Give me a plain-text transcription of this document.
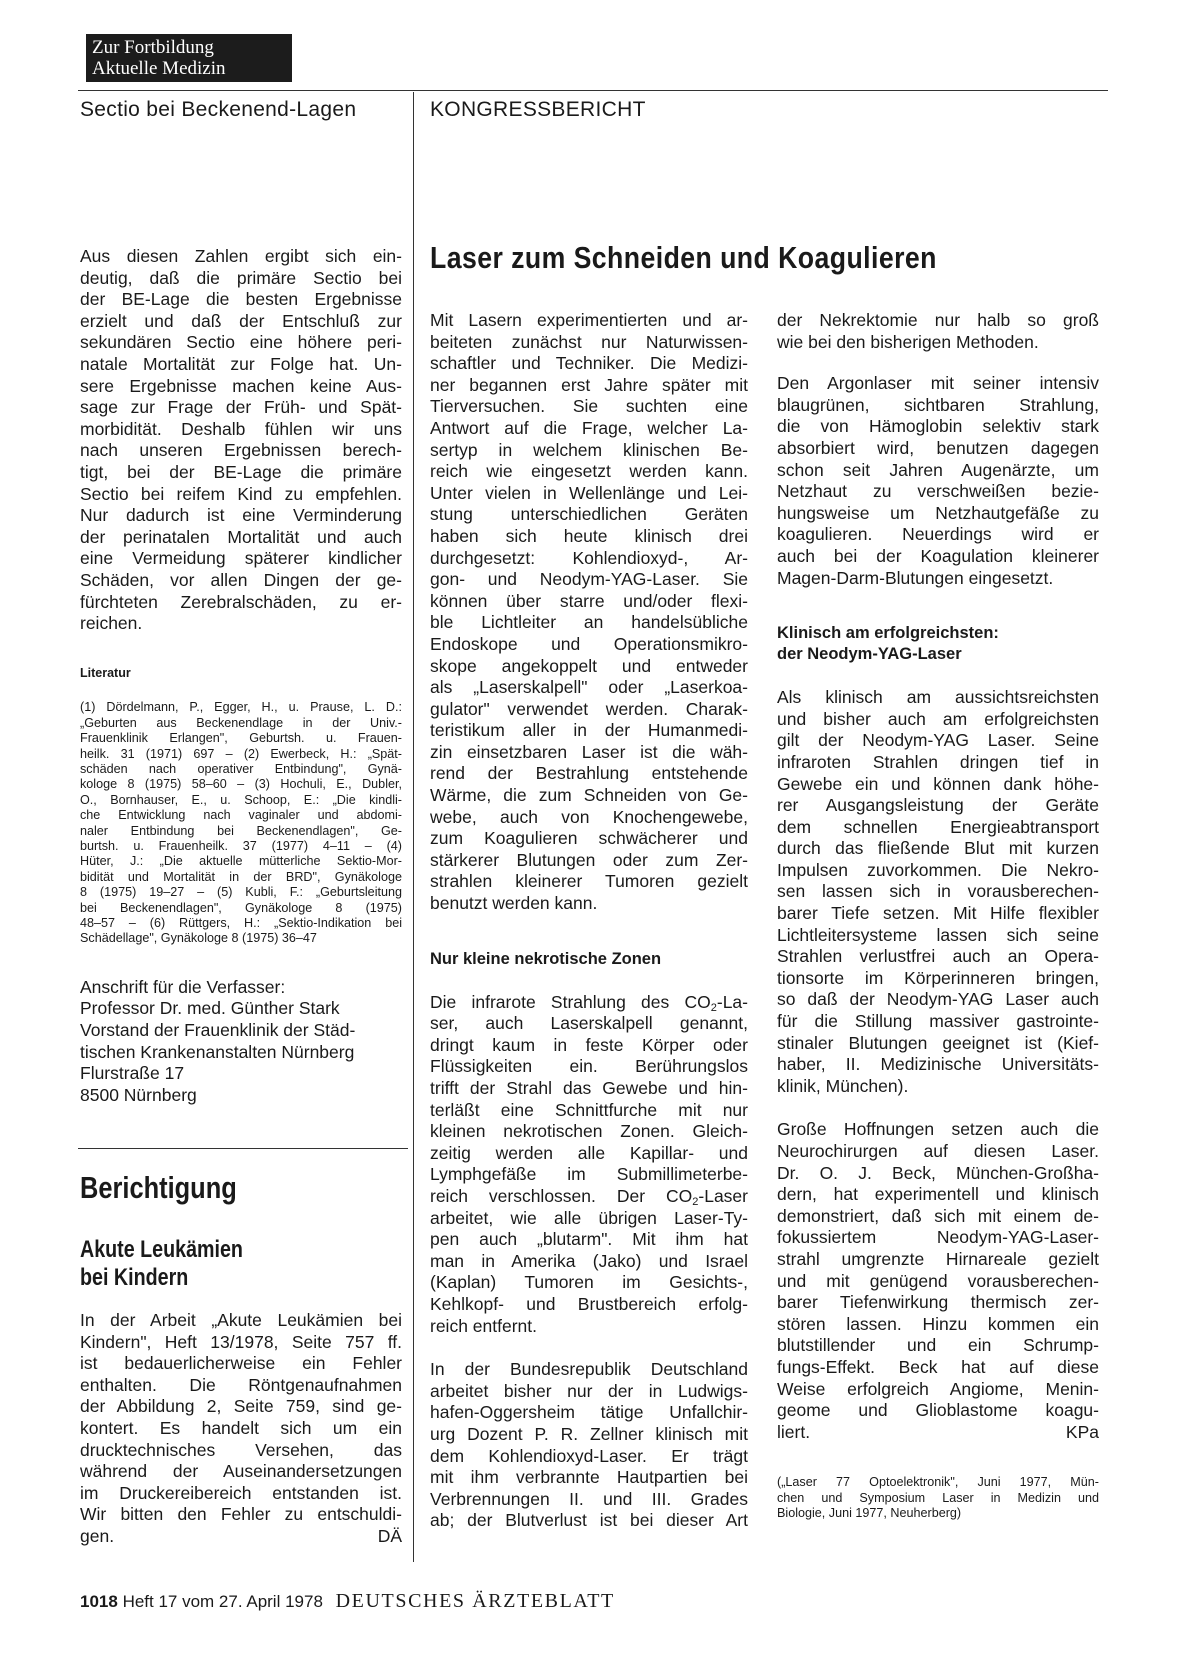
Zur Fortbildung
Aktuelle Medizin
Sectio bei Beckenend-Lagen	KONGRESSBERICHT

Aus diesen Zahlen ergibt sich ein-
deutig, daß die primäre Sectio bei
der BE-Lage die besten Ergebnisse
erzielt und daß der Entschluß zur
sekundären Sectio eine höhere peri-
natale Mortalität zur Folge hat. Un-
sere Ergebnisse machen keine Aus-
sage zur Frage der Früh- und Spät-
morbidität. Deshalb fühlen wir uns
nach unseren Ergebnissen berech-
tigt, bei der BE-Lage die primäre
Sectio bei reifem Kind zu empfehlen.
Nur dadurch ist eine Verminderung
der perinatalen Mortalität und auch
eine Vermeidung späterer kindlicher
Schäden, vor allen Dingen der ge-
fürchteten Zerebralschäden, zu er-
reichen.

Literatur

(1) Dördelmann, P., Egger, H., u. Prause, L. D.:
„Geburten aus Beckenendlage in der Univ.-
Frauenklinik Erlangen", Geburtsh. u. Frauen-
heilk. 31 (1971) 697 – (2) Ewerbeck, H.: „Spät-
schäden nach operativer Entbindung", Gynä-
kologe 8 (1975) 58–60 – (3) Hochuli, E., Dubler,
O., Bornhauser, E., u. Schoop, E.: „Die kindli-
che Entwicklung nach vaginaler und abdomi-
naler Entbindung bei Beckenendlagen", Ge-
burtsh. u. Frauenheilk. 37 (1977) 4–11 – (4)
Hüter, J.: „Die aktuelle mütterliche Sektio-Mor-
bidität und Mortalität in der BRD", Gynäkologe
8 (1975) 19–27 – (5) Kubli, F.: „Geburtsleitung
bei Beckenendlagen", Gynäkologe 8 (1975)
48–57 – (6) Rüttgers, H.: „Sektio-Indikation bei
Schädellage", Gynäkologe 8 (1975) 36–47

Anschrift für die Verfasser:
Professor Dr. med. Günther Stark
Vorstand der Frauenklinik der Städ-
tischen Krankenanstalten Nürnberg
Flurstraße 17
8500 Nürnberg

Berichtigung
Akute Leukämien
bei Kindern

In der Arbeit „Akute Leukämien bei
Kindern", Heft 13/1978, Seite 757 ff.
ist bedauerlicherweise ein Fehler
enthalten. Die Röntgenaufnahmen
der Abbildung 2, Seite 759, sind ge-
kontert. Es handelt sich um ein
drucktechnisches Versehen, das
während der Auseinandersetzungen
im Druckereibereich entstanden ist.
Wir bitten den Fehler zu entschuldi-
gen.	DÄ

Laser zum Schneiden und Koagulieren

Mit Lasern experimentierten und ar-
beiteten zunächst nur Naturwissen-
schaftler und Techniker. Die Medizi-
ner begannen erst Jahre später mit
Tierversuchen. Sie suchten eine
Antwort auf die Frage, welcher La-
sertyp in welchem klinischen Be-
reich wie eingesetzt werden kann.
Unter vielen in Wellenlänge und Lei-
stung unterschiedlichen Geräten
haben sich heute klinisch drei
durchgesetzt: Kohlendioxyd-, Ar-
gon- und Neodym-YAG-Laser. Sie
können über starre und/oder flexi-
ble Lichtleiter an handelsübliche
Endoskope und Operationsmikro-
skope angekoppelt und entweder
als „Laserskalpell" oder „Laserkoa-
gulator" verwendet werden. Charak-
teristikum aller in der Humanmedi-
zin einsetzbaren Laser ist die wäh-
rend der Bestrahlung entstehende
Wärme, die zum Schneiden von Ge-
webe, auch von Knochengewebe,
zum Koagulieren schwächerer und
stärkerer Blutungen oder zum Zer-
strahlen kleinerer Tumoren gezielt
benutzt werden kann.

Nur kleine nekrotische Zonen

Die infrarote Strahlung des $CO_2-La-$
ser, auch Laserskalpell genannt,
dringt kaum in feste Körper oder
Flüssigkeiten ein. Berührungslos
trifft der Strahl das Gewebe und hin-
terläßt eine Schnittfurche mit nur
kleinen nekrotischen Zonen. Gleich-
zeitig werden alle Kapillar- und
Lymphgefäße im Submillimeterbe-
reich verschlossen. Der $CO_2$-Laser
arbeitet, wie alle übrigen Laser-Ty-
pen auch „blutarm". Mit ihm hat
man in Amerika (Jako) und Israel
(Kaplan) Tumoren im Gesichts-,
Kehlkopf- und Brustbereich erfolg-
reich entfernt.

In der Bundesrepublik Deutschland
arbeitet bisher nur der in Ludwigs-
hafen-Oggersheim tätige Unfallchir-
urg Dozent P. R. Zellner klinisch mit
dem Kohlendioxyd-Laser. Er trägt
mit ihm verbrannte Hautpartien bei
Verbrennungen II. und III. Grades
ab; der Blutverlust ist bei dieser Art

der Nekrektomie nur halb so groß
wie bei den bisherigen Methoden.

Den Argonlaser mit seiner intensiv
blaugrünen, sichtbaren Strahlung,
die von Hämoglobin selektiv stark
absorbiert wird, benutzen dagegen
schon seit Jahren Augenärzte, um
Netzhaut zu verschweißen bezie-
hungsweise um Netzhautgefäße zu
koagulieren. Neuerdings wird er
auch bei der Koagulation kleinerer
Magen-Darm-Blutungen eingesetzt.

Klinisch am erfolgreichsten:
der Neodym-YAG-Laser

Als klinisch am aussichtsreichsten
und bisher auch am erfolgreichsten
gilt der Neodym-YAG Laser. Seine
infraroten Strahlen dringen tief in
Gewebe ein und können dank höhe-
rer Ausgangsleistung der Geräte
dem schnellen Energieabtransport
durch das fließende Blut mit kurzen
Impulsen zuvorkommen. Die Nekro-
sen lassen sich in vorausberechen-
barer Tiefe setzen. Mit Hilfe flexibler
Lichtleitersysteme lassen sich seine
Strahlen verlustfrei auch an Opera-
tionsorte im Körperinneren bringen,
so daß der Neodym-YAG Laser auch
für die Stillung massiver gastrointe-
stinaler Blutungen geeignet ist (Kief-
haber, II. Medizinische Universitäts-
klinik, München).

Große Hoffnungen setzen auch die
Neurochirurgen auf diesen Laser.
Dr. O. J. Beck, München-Großha-
dern, hat experimentell und klinisch
demonstriert, daß sich mit einem de-
fokussiertem Neodym-YAG-Laser-
strahl umgrenzte Hirnareale gezielt
und mit genügend vorausberechen-
barer Tiefenwirkung thermisch zer-
stören lassen. Hinzu kommen ein
blutstillender und ein Schrump-
fungs-Effekt. Beck hat auf diese
Weise erfolgreich Angiome, Menin-
geome und Glioblastome koagu-
liert.	KPa

(„Laser 77 Optoelektronik", Juni 1977, Mün-
chen und Symposium Laser in Medizin und
Biologie, Juni 1977, Neuherberg)

1018 Heft 17 vom 27. April 1978 DEUTSCHES ÄRZTEBLATT
